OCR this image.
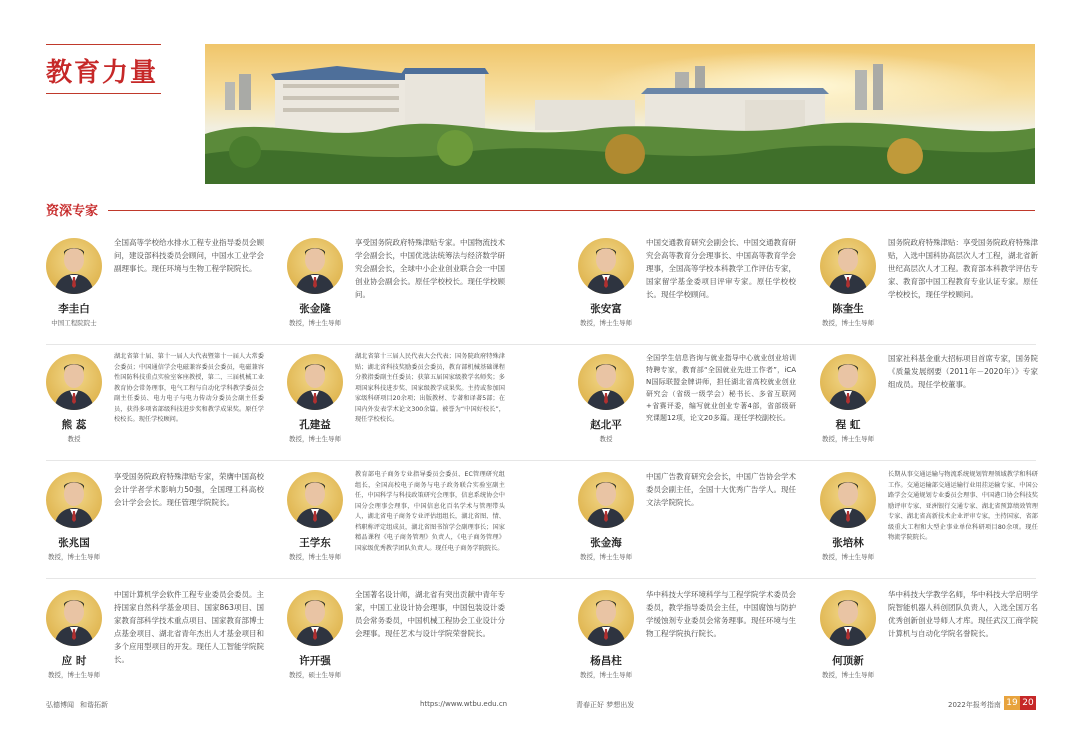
教育力量
资深专家
李圭白
中国工程院院士
全国高等学校给水排水工程专业指导委员会顾问，建设部科技委员会顾问，中国水工业学会副理事长。现任环境与生物工程学院院长。
张金隆
教授，博士生导师
享受国务院政府特殊津贴专家。中国物流技术学会副会长，中国优选法统筹法与经济数学研究会副会长，全球中小企业创业联合会一中国创业协会副会长。原任学校校长。现任学校顾问。
张安富
教授，博士生导师
中国交通教育研究会副会长、中国交通教育研究会高等教育分会理事长、中国高等教育学会理事，全国高等学校本科教学工作评估专家，国家留学基金委项目评审专家。原任学校校长。现任学校顾问。
陈奎生
教授，博士生导师
国务院政府特殊津贴：享受国务院政府特殊津贴，入选中国科协高层次人才工程，湖北省新世纪高层次人才工程。教育部本科教学评估专家、教育部中国工程教育专业认证专家。原任学校校长，现任学校顾问。
熊 蕊
教授
湖北省第十届、第十一届人大代表暨第十一届人大常委会委员；中国通信学会电磁兼容委员会委员，电磁兼容性国防科技重点实验室客座教授，第二、三届机械工业教育协会常务理事，电气工程与自动化学科教学委员会副主任委员、电力电子与电力传动分委员会副主任委员，获得多项省部级科技进步奖和教学成果奖。原任学校校长。现任学校顾问。	孔建益
教授，博士生导师
湖北省第十三届人民代表大会代表；国务院政府特殊津贴；湖北省科技奖励委员会委员，教育部机械基础课程分教指委副主任委员；获第五届国家级教学名师奖；多项国家科技进步奖、国家级教学成果奖。主持或参加国家级科研项目20余项；出版教材、专著和译著5部；在国内外发表学术论文300余篇。被誉为“中国好校长”，现任学校校长。	赵北平
教授
全国学生信息咨询与就业指导中心就业创业培训特聘专家，教育部“全国就业先进工作者”，iCAN国际联盟金牌讲师，担任湖北省高校就业创业研究会（省级一级学会）秘书长、多省互联网+省赛评委，编写就业创业专著4部，省部级研究课题12项，论文20多篇。现任学校副校长。
程 虹
教授，博士生导师
国家社科基金重大招标项目首席专家，国务院《质量发展纲要（2011年－2020年）》专家组成员。现任学校董事。
张兆国
教授，博士生导师
享受国务院政府特殊津贴专家，荣膺中国高校会计学者学术影响力50强，全国理工科高校会计学会会长。现任管理学院院长。
王学东
教授，博士生导师
教育部电子商务专业指导委员会委员、EC管理研究组组长，全国高校电子商务与电子政务联合实验室副主任，中国科学与科技政策研究会理事，信息系统协会中国分会理事会理事，中国信息化百名学术与管理带头人，湖北省电子商务专业评估组组长，湖北省图、情、档职称评定组成员，湖北省图书馆学会副理事长；国家精品课程《电子商务管理》负责人，《电子商务管理》国家级优秀教学团队负责人。现任电子商务学院院长。	张金海
教授，博士生导师
中国广告教育研究会会长，中国广告协会学术委员会副主任，全国十大优秀广告学人。现任文法学院院长。
张培林
教授，博士生导师
长期从事交通运输与物流系统规划管理领域教学和科研工作。交通运输部交通运输行业用挂运输专家、中国公路学会交通规划专业委员会理事、中国港口协会科技奖励评审专家、亚洲银行交通专家、湖北省预算绩效管理专家、湖北省高新技术企业评审专家，主持国家、省部级重大工程和大型企事业单位科研项目80余项。现任物流学院院长。
应 时
教授，博士生导师
中国计算机学会软件工程专业委员会委员。主持国家自然科学基金项目、国家863项目、国家教育部科学技术重点项目、国家教育部博士点基金项目、湖北省青年杰出人才基金项目和多个应用型项目的开发。现任人工智能学院院长。	许开强
教授，硕士生导师
全国著名设计师，湖北省有突出贡献中青年专家，中国工业设计协会理事，中国包装设计委员会常务委员，中国机械工程协会工业设计分会理事。现任艺术与设计学院荣誉院长。
杨昌柱
教授，博士生导师
华中科技大学环境科学与工程学院学术委员会委员，教学指导委员会主任，中国腐蚀与防护学缓蚀剂专业委员会常务理事。现任环境与生物工程学院执行院长。
何顶新
教授，博士生导师
华中科技大学教学名师，华中科技大学启明学院智能机器人科创团队负责人，入选全国万名优秀创新创业导师人才库。现任武汉工商学院计算机与自动化学院名誉院长。
弘德博闻 和谐拓新	https://www.wtbu.edu.cn	青春正好 梦想出发	2022年报考指南 19 20
